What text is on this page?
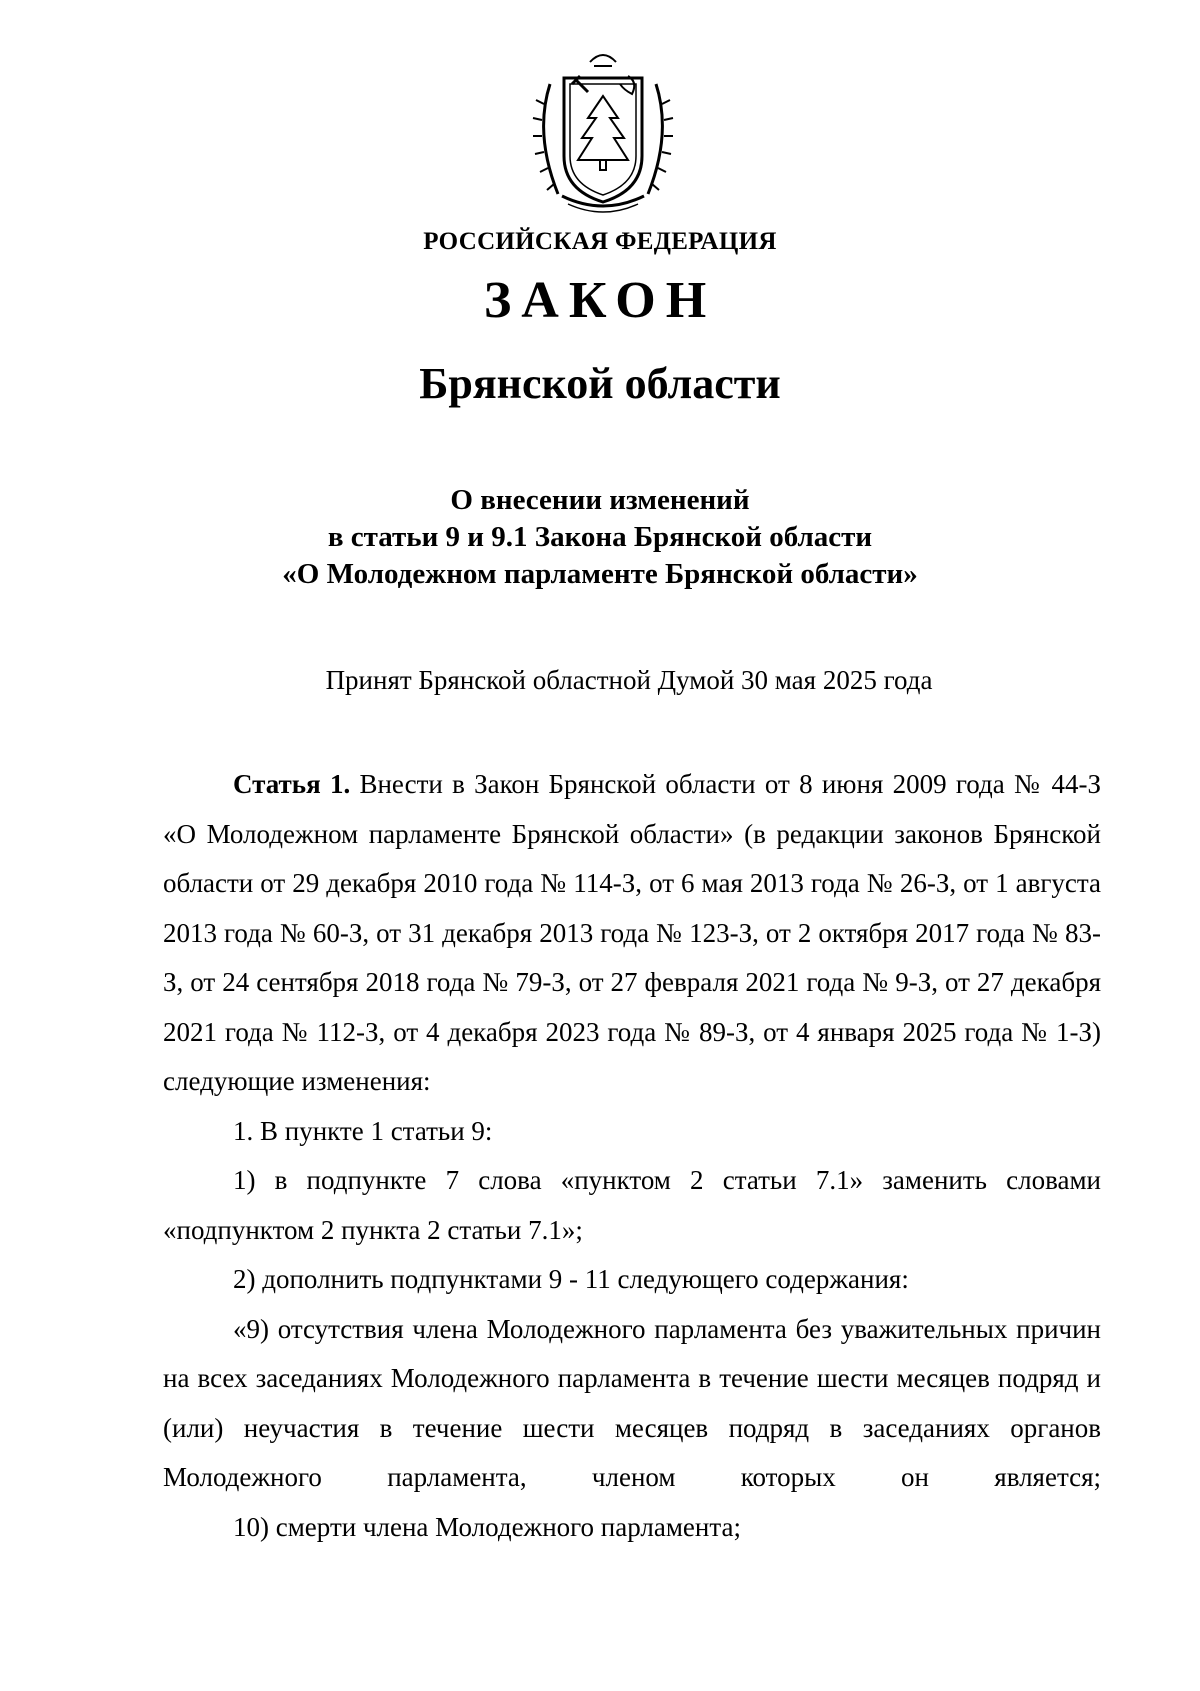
РОССИЙСКАЯ ФЕДЕРАЦИЯ
ЗАКОН
Брянской области
О внесении изменений
в статьи 9 и 9.1 Закона Брянской области
«О Молодежном парламенте Брянской области»
Принят Брянской областной Думой 30 мая 2025 года

Статья 1. Внести в Закон Брянской области от 8 июня 2009 года № 44-З «О Молодежном парламенте Брянской области» (в редакции законов Брянской области от 29 декабря 2010 года № 114-З, от 6 мая 2013 года № 26-З, от 1 августа 2013 года № 60-З, от 31 декабря 2013 года № 123-З, от 2 октября 2017 года № 83-З, от 24 сентября 2018 года № 79-З, от 27 февраля 2021 года № 9-З, от 27 декабря 2021 года № 112-З, от 4 декабря 2023 года № 89-З, от 4 января 2025 года № 1-З) следующие изменения:

1. В пункте 1 статьи 9:

1) в подпункте 7 слова «пунктом 2 статьи 7.1» заменить словами «подпунктом 2 пункта 2 статьи 7.1»;

2) дополнить подпунктами 9 - 11 следующего содержания:

«9) отсутствия члена Молодежного парламента без уважительных причин на всех заседаниях Молодежного парламента в течение шести месяцев подряд и (или) неучастия в течение шести месяцев подряд в заседаниях органов Молодежного парламента, членом которых он является;

10) смерти члена Молодежного парламента;
